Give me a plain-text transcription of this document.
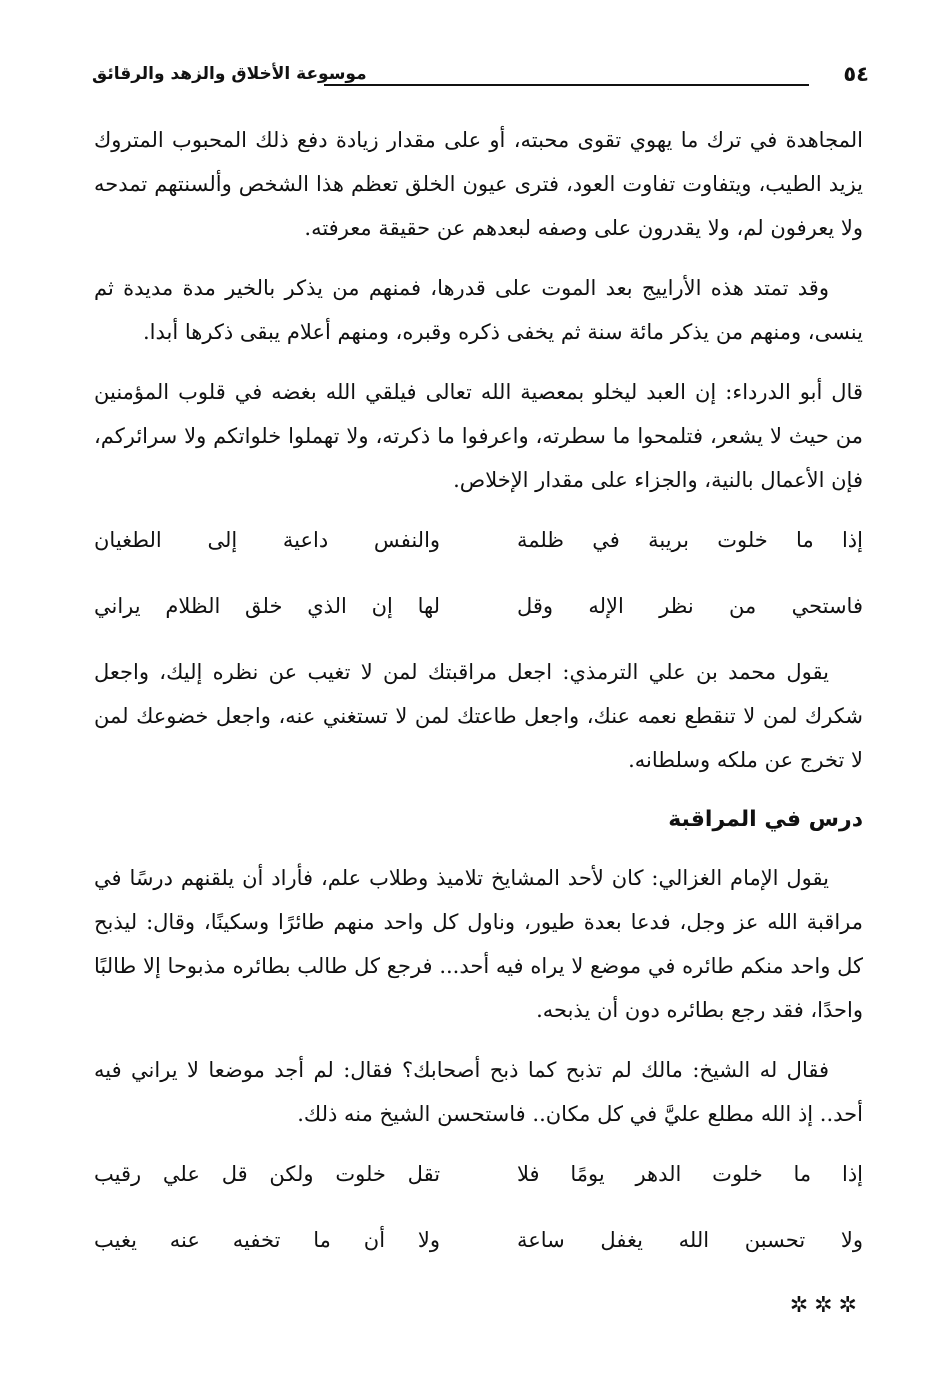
موسوعة الأخلاق والزهد والرقائق	٥٤

المجاهدة في ترك ما يهوي تقوى محبته، أو على مقدار زيادة دفع ذلك المحبوب المتروك يزيد الطيب، ويتفاوت تفاوت العود، فترى عيون الخلق تعظم هذا الشخص وألسنتهم تمدحه ولا يعرفون لم، ولا يقدرون على وصفه لبعدهم عن حقيقة معرفته.

وقد تمتد هذه الأراييج بعد الموت على قدرها، فمنهم من يذكر بالخير مدة مديدة ثم ينسى، ومنهم من يذكر مائة سنة ثم يخفى ذكره وقبره، ومنهم أعلام يبقى ذكرها أبدا.

قال أبو الدرداء: إن العبد ليخلو بمعصية الله تعالى فيلقي الله بغضه في قلوب المؤمنين من حيث لا يشعر، فتلمحوا ما سطرته، واعرفوا ما ذكرته، ولا تهملوا خلواتكم ولا سرائركم، فإن الأعمال بالنية، والجزاء على مقدار الإخلاص.

إذا ما خلوت بريبة في ظلمة
والنفس داعية إلى الطغيان
فاستحي من نظر الإله وقل
لها إن الذي خلق الظلام يراني

يقول محمد بن علي الترمذي: اجعل مراقبتك لمن لا تغيب عن نظره إليك، واجعل شكرك لمن لا تنقطع نعمه عنك، واجعل طاعتك لمن لا تستغني عنه، واجعل خضوعك لمن لا تخرج عن ملكه وسلطانه.

درس في المراقبة

يقول الإمام الغزالي: كان لأحد المشايخ تلاميذ وطلاب علم، فأراد أن يلقنهم درسًا في مراقبة الله عز وجل، فدعا بعدة طيور، وناول كل واحد منهم طائرًا وسكينًا، وقال: ليذبح كل واحد منكم طائره في موضع لا يراه فيه أحد... فرجع كل طالب بطائره مذبوحا إلا طالبًا واحدًا، فقد رجع بطائره دون أن يذبحه.

فقال له الشيخ: مالك لم تذبح كما ذبح أصحابك؟ فقال: لم أجد موضعا لا يراني فيه أحد.. إذ الله مطلع عليَّ في كل مكان.. فاستحسن الشيخ منه ذلك.

إذا ما خلوت الدهر يومًا فلا
تقل خلوت ولكن قل علي رقيب
ولا تحسبن الله يغفل ساعة
ولا أن ما تخفيه عنه يغيب
✲✲✲
